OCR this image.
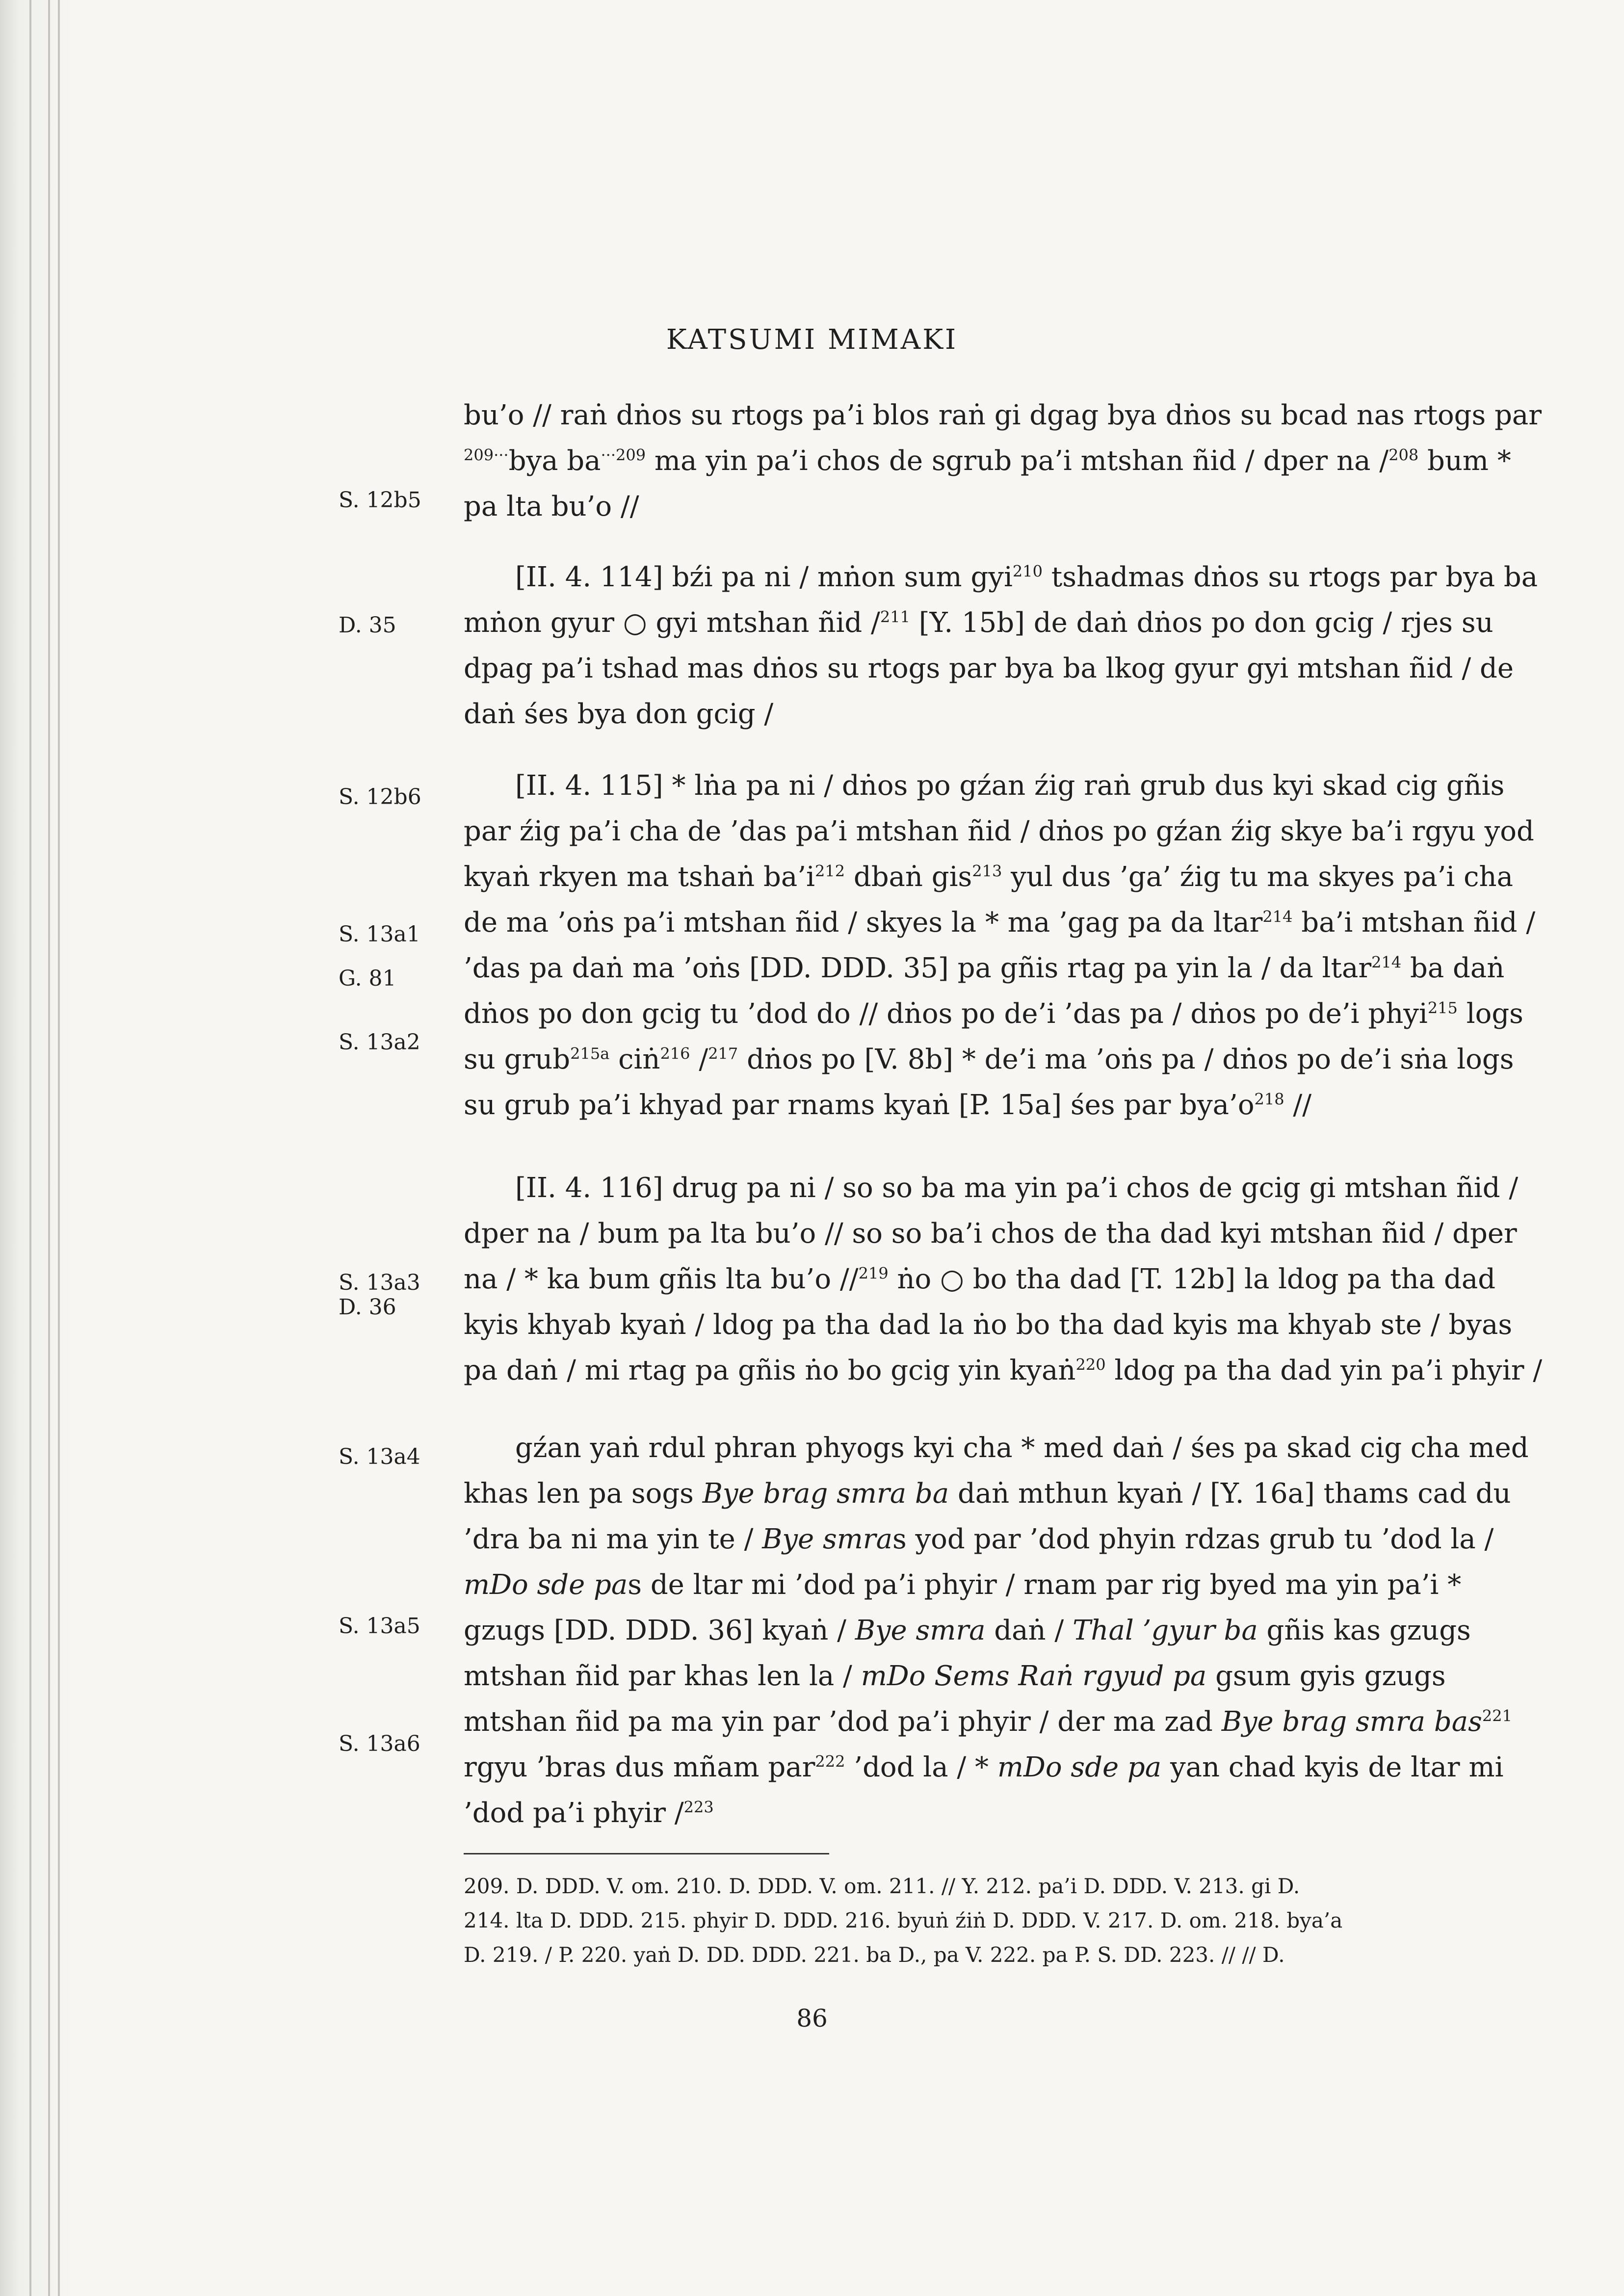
KATSUMI MIMAKI
S. 12b5
D. 35
S. 12b6
S. 13a1
G. 81
S. 13a2
S. 13a3
D. 36
S. 13a4
S. 13a5
S. 13a6

bu’o // raṅ dṅos su rtogs pa’i blos raṅ gi dgag bya dṅos su bcad nas rtogs par $^{209\cdot\cdot\cdot}$bya $ba^{\cdot\cdot\cdot 209}$ ma yin pa’i chos de sgrub pa’i mtshan ñid / dper na /$^{208}$ bum * pa lta bu’o //

[II. 4. 114] bźi pa ni / mṅon sum gyi$^{210}$ tshadmas dṅos su rtogs par bya ba mṅon gyur ○ gyi mtshan ñid /$^{211}$ [Y. 15b] de daṅ dṅos po don gcig / rjes su dpag pa’i tshad mas dṅos su rtogs par bya ba lkog gyur gyi mtshan ñid / de daṅ śes bya don gcig /

[II. 4. 115] * lṅa pa ni / dṅos po gźan źig raṅ grub dus kyi skad cig gñis par źig pa’i cha de ’das pa’i mtshan ñid / dṅos po gźan źig skye ba’i rgyu yod kyaṅ rkyen ma tshaṅ $ba’i^{212}$ dbaṅ gis$^{213}$ yul dus ’ga’ źig tu ma skyes pa’i cha de ma ’oṅs pa’i mtshan ñid / skyes la * ma ’gag pa da ltar$^{214}$ ba’i mtshan ñid / ’das pa daṅ ma ’oṅs [DD. DDD. 35] pa gñis rtag pa yin la / da ltar$^{214}$ ba daṅ dṅos po don gcig tu ’dod do // dṅos po de’i ’das pa / dṅos po de’i phyi$^{215}$ logs su grub$^{215a}$ ciṅ$^{216}$ /$^{217}$ dṅos po [V. 8b] * de’i ma ’oṅs pa / dṅos po de’i sṅa logs su grub pa’i khyad par rnams kyaṅ [P. 15a] śes par $bya’o^{218}$ //

[II. 4. 116] drug pa ni / so so ba ma yin pa’i chos de gcig gi mtshan ñid / dper na / bum pa lta bu’o // so so ba’i chos de tha dad kyi mtshan ñid / dper na / * ka bum gñis lta bu’o //$^{219}$ ṅo ○ bo tha dad [T. 12b] la ldog pa tha dad kyis khyab kyaṅ / ldog pa tha dad la ṅo bo tha dad kyis ma khyab ste / byas pa daṅ / mi rtag pa gñis ṅo bo gcig yin kyaṅ$^{220}$ ldog pa tha dad yin pa’i phyir /

gźan yaṅ rdul phran phyogs kyi cha * med daṅ / śes pa skad cig cha med khas len pa sogs Bye brag smra ba daṅ mthun kyaṅ / [Y. 16a] thams cad du ’dra ba ni ma yin te / Bye smras yod par ’dod phyin rdzas grub tu ’dod la / mDo sde pas de ltar mi ’dod pa’i phyir / rnam par rig byed ma yin pa’i * gzugs [DD. DDD. 36] kyaṅ / Bye smra daṅ / Thal ’gyur ba gñis kas gzugs mtshan ñid par khas len la / mDo Sems Raṅ rgyud pa gsum gyis gzugs mtshan ñid pa ma yin par ’dod pa’i phyir / der ma zad Bye brag smra bas$^{221}$ rgyu ’bras dus mñam par$^{222}$ ’dod la / * mDo sde pa yan chad kyis de ltar mi ’dod pa’i phyir /$^{223}$

209. D. DDD. V. om. 210. D. DDD. V. om. 211. // Y. 212. pa’i D. DDD. V. 213. gi D.
214. lta D. DDD. 215. phyir D. DDD. 216. byuṅ źiṅ D. DDD. V. 217. D. om. 218. bya’a
D. 219. / P. 220. yaṅ D. DD. DDD. 221. ba D., pa V. 222. pa P. S. DD. 223. // // D.
86
